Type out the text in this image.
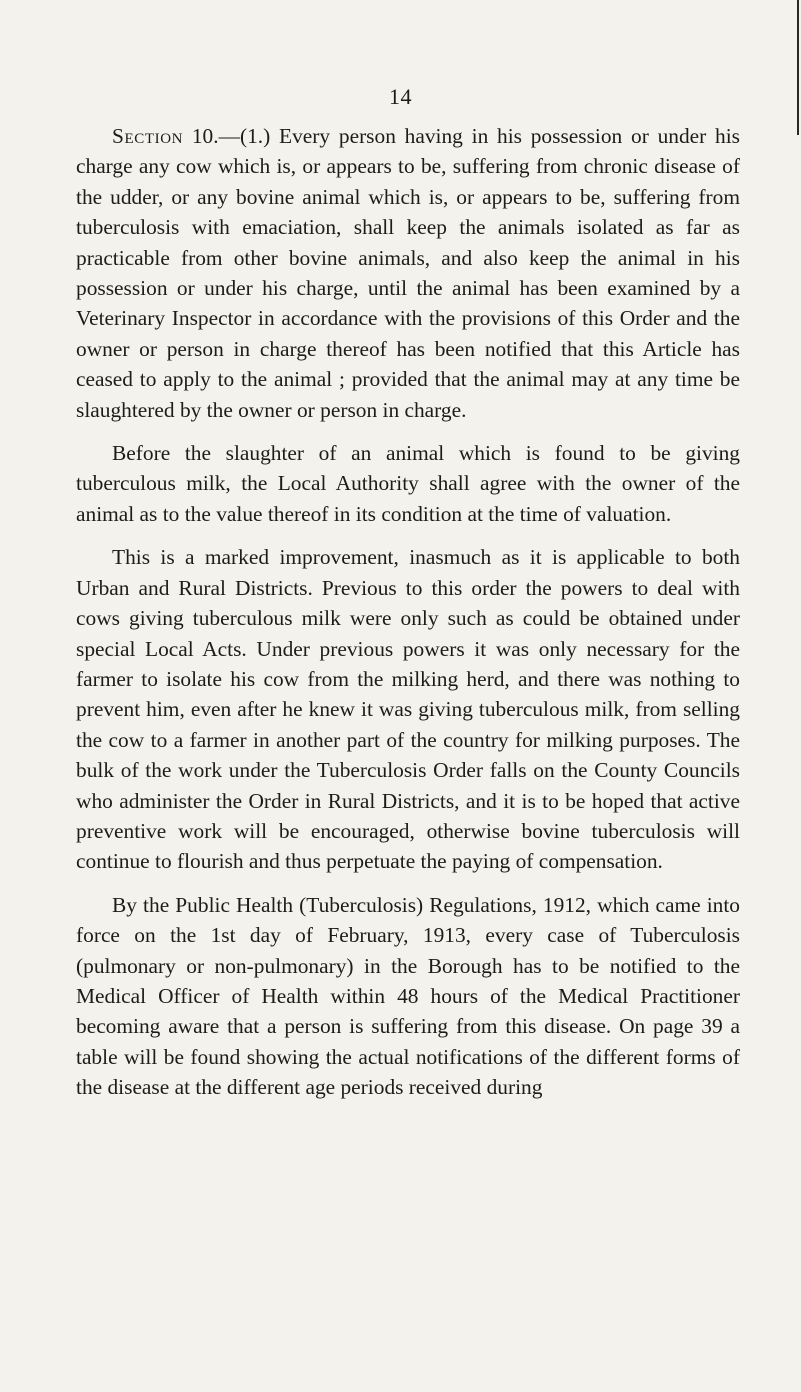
14

Section 10.—(1.) Every person having in his possession or under his charge any cow which is, or appears to be, suffering from chronic disease of the udder, or any bovine animal which is, or appears to be, suffering from tuberculosis with emaciation, shall keep the animals isolated as far as practicable from other bovine animals, and also keep the animal in his possession or under his charge, until the animal has been examined by a Veterinary Inspector in accordance with the provisions of this Order and the owner or person in charge thereof has been notified that this Article has ceased to apply to the animal ; provided that the animal may at any time be slaughtered by the owner or person in charge.

Before the slaughter of an animal which is found to be giving tuberculous milk, the Local Authority shall agree with the owner of the animal as to the value thereof in its condition at the time of valuation.

This is a marked improvement, inasmuch as it is applicable to both Urban and Rural Districts. Previous to this order the powers to deal with cows giving tuberculous milk were only such as could be obtained under special Local Acts. Under previous powers it was only necessary for the farmer to isolate his cow from the milking herd, and there was nothing to prevent him, even after he knew it was giving tuberculous milk, from selling the cow to a farmer in another part of the country for milking purposes. The bulk of the work under the Tuberculosis Order falls on the County Councils who administer the Order in Rural Districts, and it is to be hoped that active preventive work will be encouraged, otherwise bovine tuberculosis will continue to flourish and thus perpetuate the paying of compensation.

By the Public Health (Tuberculosis) Regulations, 1912, which came into force on the 1st day of February, 1913, every case of Tuberculosis (pulmonary or non-pulmonary) in the Borough has to be notified to the Medical Officer of Health within 48 hours of the Medical Practitioner becoming aware that a person is suffering from this disease. On page 39 a table will be found showing the actual notifications of the different forms of the disease at the different age periods received during
